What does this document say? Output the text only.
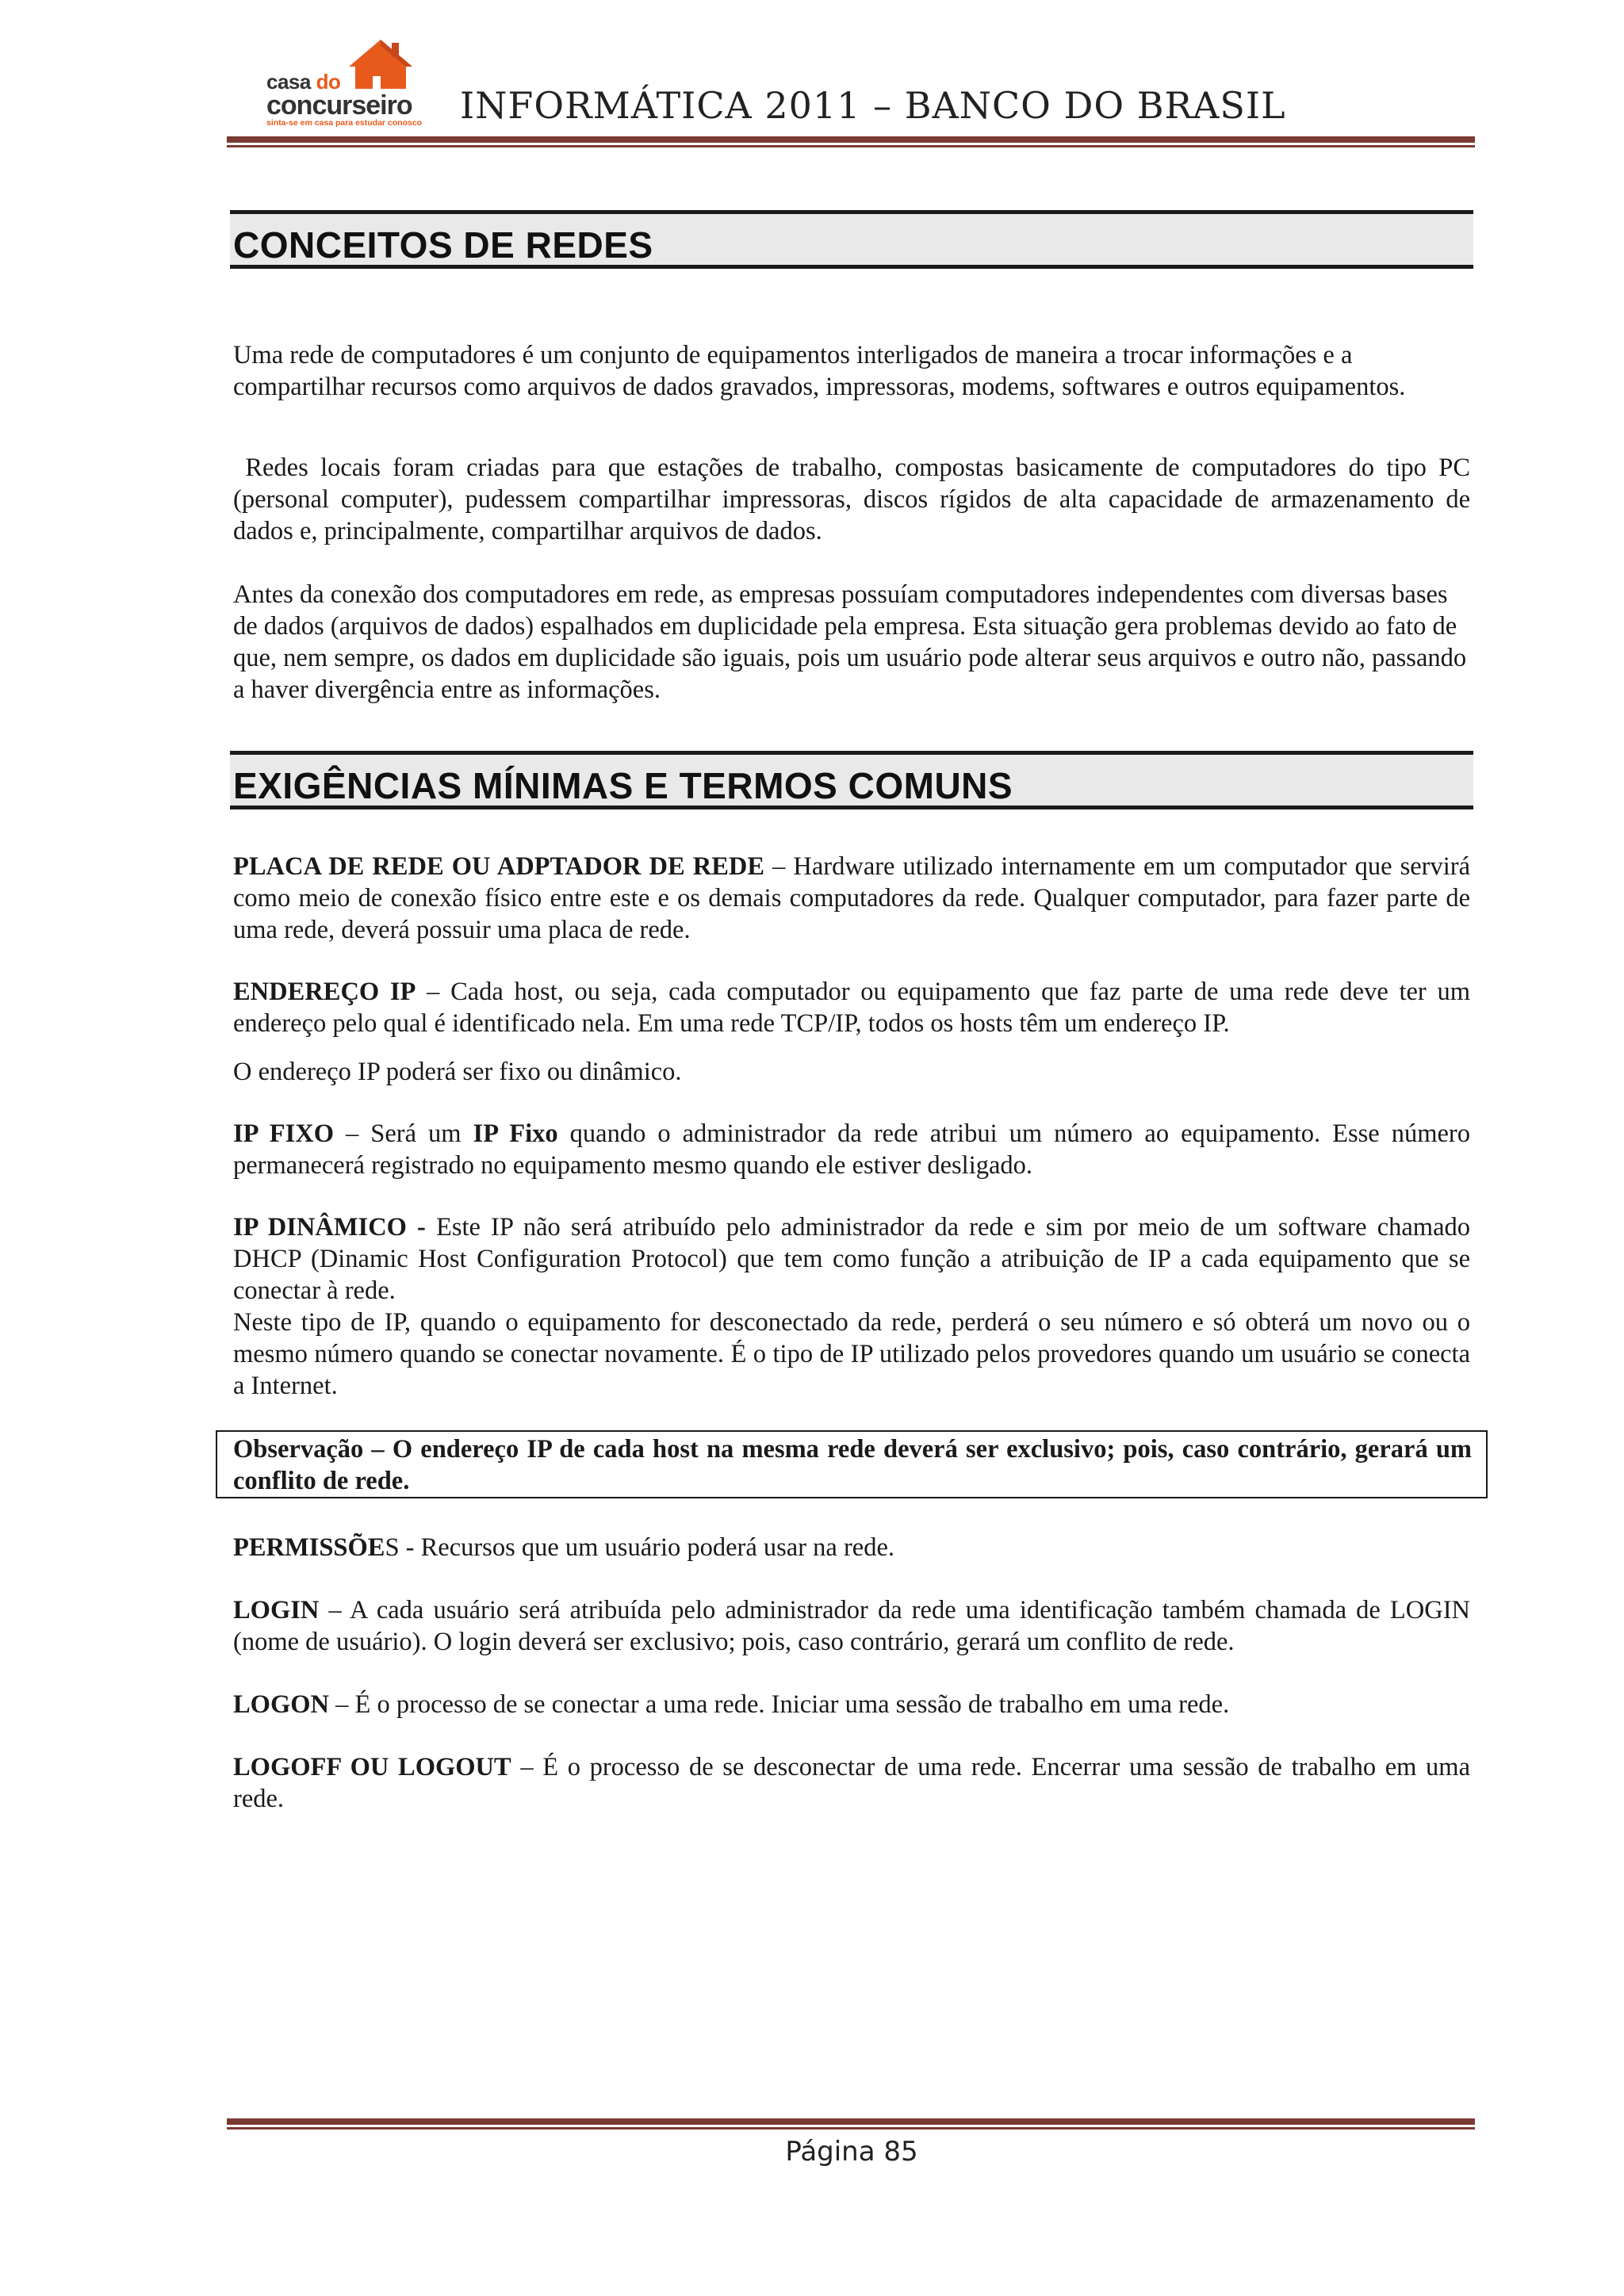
casa do
concurseiro
sinta-se em casa para estudar conosco INFORMÁTICA 2011 – BANCO DO BRASIL
CONCEITOS DE REDES

Uma rede de computadores é um conjunto de equipamentos interligados de maneira a trocar informações e a compartilhar recursos como arquivos de dados gravados, impressoras, modems, softwares e outros equipamentos.

Redes locais foram criadas para que estações de trabalho, compostas basicamente de computadores do tipo PC (personal computer), pudessem compartilhar impressoras, discos rígidos de alta capacidade de armazenamento de dados e, principalmente, compartilhar arquivos de dados.

Antes da conexão dos computadores em rede, as empresas possuíam computadores independentes com diversas bases de dados (arquivos de dados) espalhados em duplicidade pela empresa. Esta situação gera problemas devido ao fato de que, nem sempre, os dados em duplicidade são iguais, pois um usuário pode alterar seus arquivos e outro não, passando a haver divergência entre as informações.

EXIGÊNCIAS MÍNIMAS E TERMOS COMUNS

PLACA DE REDE OU ADPTADOR DE REDE – Hardware utilizado internamente em um computador que servirá como meio de conexão físico entre este e os demais computadores da rede. Qualquer computador, para fazer parte de uma rede, deverá possuir uma placa de rede.

ENDEREÇO IP – Cada host, ou seja, cada computador ou equipamento que faz parte de uma rede deve ter um endereço pelo qual é identificado nela. Em uma rede TCP/IP, todos os hosts têm um endereço IP.

O endereço IP poderá ser fixo ou dinâmico.

IP FIXO – Será um IP Fixo quando o administrador da rede atribui um número ao equipamento. Esse número permanecerá registrado no equipamento mesmo quando ele estiver desligado.

IP DINÂMICO - Este IP não será atribuído pelo administrador da rede e sim por meio de um software chamado DHCP (Dinamic Host Configuration Protocol) que tem como função a atribuição de IP a cada equipamento que se conectar à rede.

Neste tipo de IP, quando o equipamento for desconectado da rede, perderá o seu número e só obterá um novo ou o mesmo número quando se conectar novamente. É o tipo de IP utilizado pelos provedores quando um usuário se conecta a Internet.

Observação – O endereço IP de cada host na mesma rede deverá ser exclusivo; pois, caso contrário, gerará um conflito de rede.

PERMISSÕES - Recursos que um usuário poderá usar na rede.

LOGIN – A cada usuário será atribuída pelo administrador da rede uma identificação também chamada de LOGIN (nome de usuário). O login deverá ser exclusivo; pois, caso contrário, gerará um conflito de rede.

LOGON – É o processo de se conectar a uma rede. Iniciar uma sessão de trabalho em uma rede.

LOGOFF OU LOGOUT – É o processo de se desconectar de uma rede. Encerrar uma sessão de trabalho em uma rede.

Página 85
